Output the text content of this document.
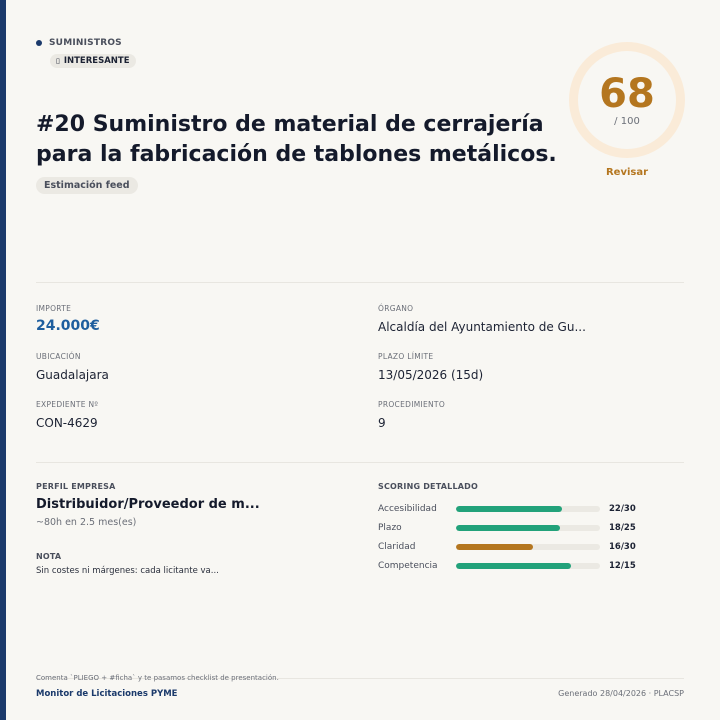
SUMINISTROS
▯ INTERESANTE
#20 Suministro de material de cerrajería para la fabricación de tablones metálicos.
Estimación feed
68
/ 100
Revisar
IMPORTE
24.000€
ÓRGANO
Alcaldía del Ayuntamiento de Gu...
UBICACIÓN
Guadalajara
PLAZO LÍMITE
13/05/2026 (15d)
EXPEDIENTE Nº
CON-4629
PROCEDIMIENTO
9
PERFIL EMPRESA
Distribuidor/Proveedor de m...
~80h en 2.5 mes(es)
NOTA
Sin costes ni márgenes: cada licitante va...
SCORING DETALLADO
Accesibilidad	22/30
Plazo	18/25
Claridad	16/30
Competencia	12/15
Comenta `PLIEGO + #ficha` y te pasamos checklist de presentación.
Monitor de Licitaciones PYME	Generado 28/04/2026 · PLACSP
